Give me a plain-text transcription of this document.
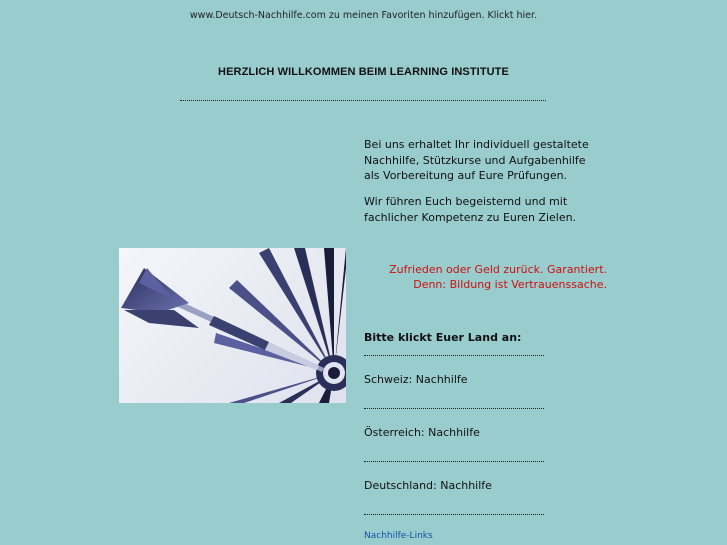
www.Deutsch-Nachhilfe.com zu meinen Favoriten hinzufügen. Klickt hier.
HERZLICH WILLKOMMEN BEIM LEARNING INSTITUTE
Bei uns erhaltet Ihr individuell gestaltete Nachhilfe, Stützkurse und Aufgabenhilfe als Vorbereitung auf Eure Prüfungen.
Wir führen Euch begeisternd und mit fachlicher Kompetenz zu Euren Zielen.
Zufrieden oder Geld zurück. Garantiert.
Denn: Bildung ist Vertrauenssache.
Bitte klickt Euer Land an:
Schweiz: Nachhilfe
Österreich: Nachhilfe
Deutschland: Nachhilfe
Nachhilfe-Links
